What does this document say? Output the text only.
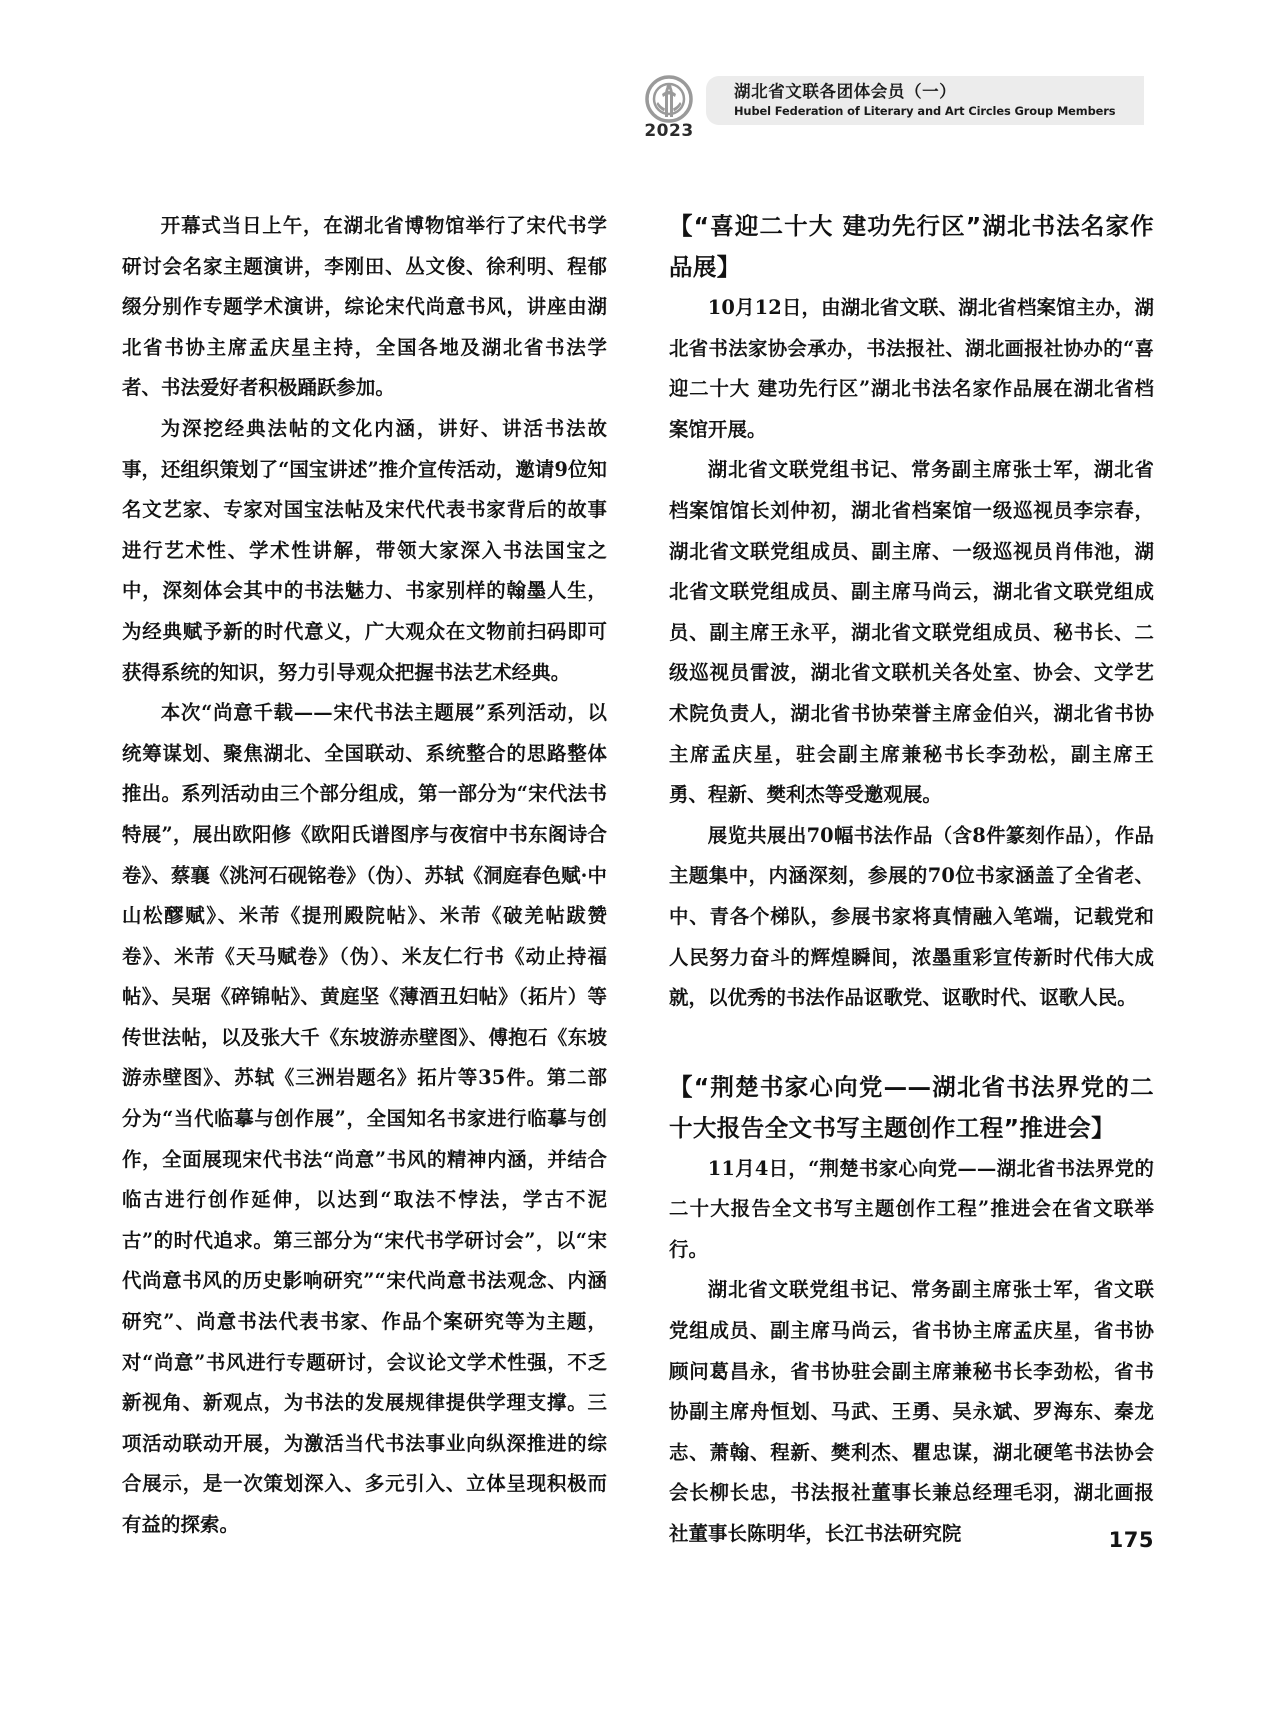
2023
湖北省文联各团体会员（一）
Hubel Federation of Literary and Art Circles Group Members

开幕式当日上午，在湖北省博物馆举行了宋代书学研讨会名家主题演讲，李刚田、丛文俊、徐利明、程郁缀分别作专题学术演讲，综论宋代尚意书风，讲座由湖北省书协主席孟庆星主持，全国各地及湖北省书法学者、书法爱好者积极踊跃参加。

为深挖经典法帖的文化内涵，讲好、讲活书法故事，还组织策划了“国宝讲述”推介宣传活动，邀请9位知名文艺家、专家对国宝法帖及宋代代表书家背后的故事进行艺术性、学术性讲解，带领大家深入书法国宝之中，深刻体会其中的书法魅力、书家别样的翰墨人生，为经典赋予新的时代意义，广大观众在文物前扫码即可获得系统的知识，努力引导观众把握书法艺术经典。

本次“尚意千载——宋代书法主题展”系列活动，以统筹谋划、聚焦湖北、全国联动、系统整合的思路整体推出。系列活动由三个部分组成，第一部分为“宋代法书特展”，展出欧阳修《欧阳氏谱图序与夜宿中书东阁诗合卷》、蔡襄《洮河石砚铭卷》（伪）、苏轼《洞庭春色赋·中山松醪赋》、米芾《提刑殿院帖》、米芾《破羌帖跋赞卷》、米芾《天马赋卷》（伪）、米友仁行书《动止持福帖》、吴琚《碎锦帖》、黄庭坚《薄酒丑妇帖》（拓片）等传世法帖，以及张大千《东坡游赤壁图》、傅抱石《东坡游赤壁图》、苏轼《三洲岩题名》拓片等35件。第二部分为“当代临摹与创作展”，全国知名书家进行临摹与创作，全面展现宋代书法“尚意”书风的精神内涵，并结合临古进行创作延伸，以达到“取法不悖法，学古不泥古”的时代追求。第三部分为“宋代书学研讨会”，以“宋代尚意书风的历史影响研究”“宋代尚意书法观念、内涵研究”、尚意书法代表书家、作品个案研究等为主题，对“尚意”书风进行专题研讨，会议论文学术性强，不乏新视角、新观点，为书法的发展规律提供学理支撑。三项活动联动开展，为激活当代书法事业向纵深推进的综合展示，是一次策划深入、多元引入、立体呈现积极而有益的探索。

【“喜迎二十大 建功先行区”湖北书法名家作品展】

10月12日，由湖北省文联、湖北省档案馆主办，湖北省书法家协会承办，书法报社、湖北画报社协办的“喜迎二十大 建功先行区”湖北书法名家作品展在湖北省档案馆开展。

湖北省文联党组书记、常务副主席张士军，湖北省档案馆馆长刘仲初，湖北省档案馆一级巡视员李宗春，湖北省文联党组成员、副主席、一级巡视员肖伟池，湖北省文联党组成员、副主席马尚云，湖北省文联党组成员、副主席王永平，湖北省文联党组成员、秘书长、二级巡视员雷波，湖北省文联机关各处室、协会、文学艺术院负责人，湖北省书协荣誉主席金伯兴，湖北省书协主席孟庆星，驻会副主席兼秘书长李劲松，副主席王勇、程新、樊利杰等受邀观展。

展览共展出70幅书法作品（含8件篆刻作品），作品主题集中，内涵深刻，参展的70位书家涵盖了全省老、中、青各个梯队，参展书家将真情融入笔端，记载党和人民努力奋斗的辉煌瞬间，浓墨重彩宣传新时代伟大成就，以优秀的书法作品讴歌党、讴歌时代、讴歌人民。

【“荆楚书家心向党——湖北省书法界党的二十大报告全文书写主题创作工程”推进会】

11月4日，“荆楚书家心向党——湖北省书法界党的二十大报告全文书写主题创作工程”推进会在省文联举行。

湖北省文联党组书记、常务副主席张士军，省文联党组成员、副主席马尚云，省书协主席孟庆星，省书协顾问葛昌永，省书协驻会副主席兼秘书长李劲松，省书协副主席舟恒划、马武、王勇、吴永斌、罗海东、秦龙志、萧翰、程新、樊利杰、瞿忠谋，湖北硬笔书法协会会长柳长忠，书法报社董事长兼总经理毛羽，湖北画报社董事长陈明华，长江书法研究院	175
